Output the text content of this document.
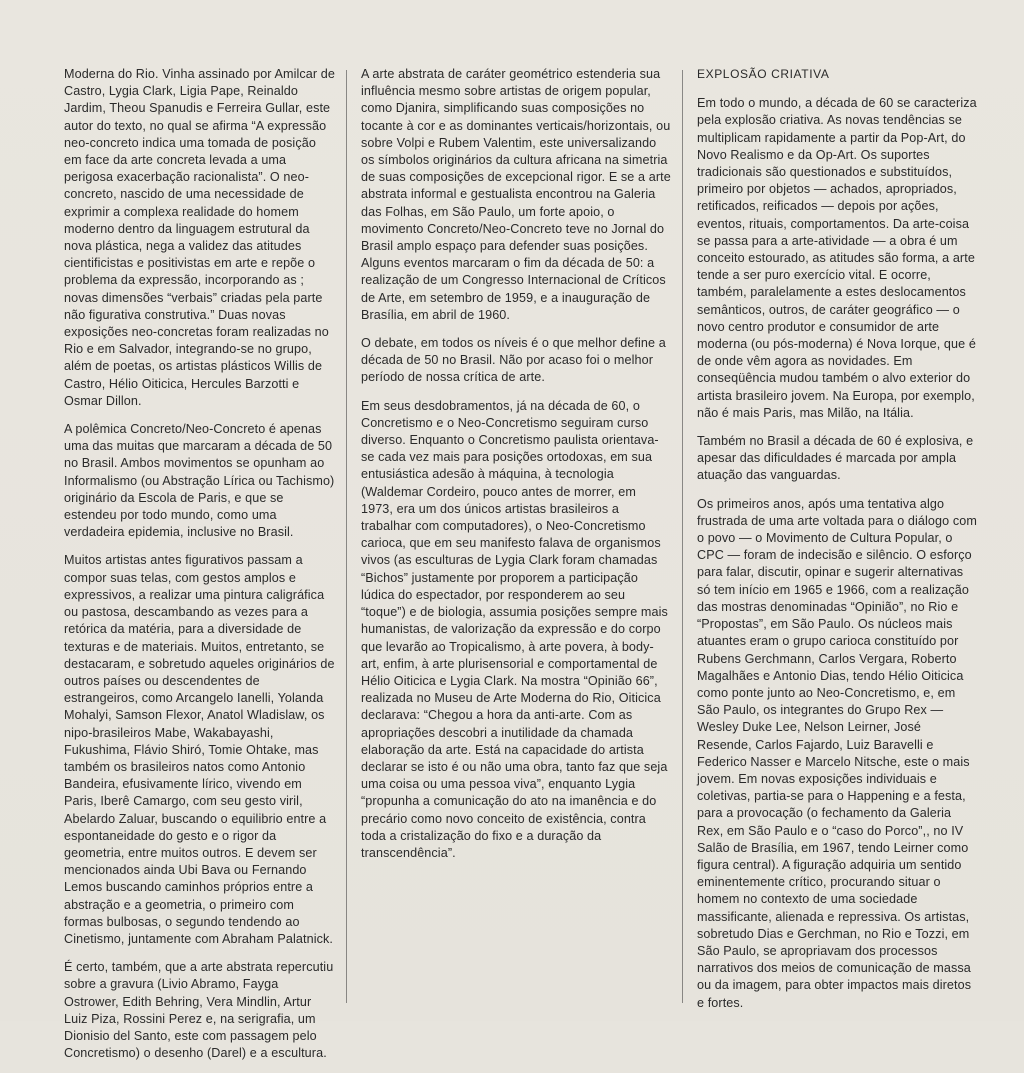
Moderna do Rio. Vinha assinado por Amilcar de Castro, Lygia Clark, Ligia Pape, Reinaldo Jardim, Theou Spanudis e Ferreira Gullar, este autor do texto, no qual se afirma “A expressão neo-concreto indica uma tomada de posição em face da arte concreta levada a uma perigosa exacerbação racionalista”. O neo-concreto, nascido de uma necessidade de exprimir a complexa realidade do homem moderno dentro da linguagem estrutural da nova plástica, nega a validez das atitudes cientificistas e positivistas em arte e repõe o problema da expressão, incorporando as ; novas dimensões “verbais” criadas pela parte não figurativa construtiva.” Duas novas exposições neo-concretas foram realizadas no Rio e em Salvador, integrando-se no grupo, além de poetas, os artistas plásticos Willis de Castro, Hélio Oiticica, Hercules Barzotti e Osmar Dillon.

A polêmica Concreto/Neo-Concreto é apenas uma das muitas que marcaram a década de 50 no Brasil. Ambos movimentos se opunham ao Informalismo (ou Abstração Lírica ou Tachismo) originário da Escola de Paris, e que se estendeu por todo mundo, como uma verdadeira epidemia, inclusive no Brasil.

Muitos artistas antes figurativos passam a compor suas telas, com gestos amplos e expressivos, a realizar uma pintura caligráfica ou pastosa, descambando as vezes para a retórica da matéria, para a diversidade de texturas e de materiais. Muitos, entretanto, se destacaram, e sobretudo aqueles originários de outros países ou descendentes de estrangeiros, como Arcangelo Ianelli, Yolanda Mohalyi, Samson Flexor, Anatol Wladislaw, os nipo-brasileiros Mabe, Wakabayashi, Fukushima, Flávio Shiró, Tomie Ohtake, mas também os brasileiros natos como Antonio Bandeira, efusivamente lírico, vivendo em Paris, Iberê Camargo, com seu gesto viril, Abelardo Zaluar, buscando o equilibrio entre a espontaneidade do gesto e o rigor da geometria, entre muitos outros. E devem ser mencionados ainda Ubi Bava ou Fernando Lemos buscando caminhos próprios entre a abstração e a geometria, o primeiro com formas bulbosas, o segundo tendendo ao Cinetismo, juntamente com Abraham Palatnick.

É certo, também, que a arte abstrata repercutiu sobre a gravura (Livio Abramo, Fayga Ostrower, Edith Behring, Vera Mindlin, Artur Luiz Piza, Rossini Perez e, na serigrafia, um Dionisio del Santo, este com passagem pelo Concretismo) o desenho (Darel) e a escultura.

A arte abstrata de caráter geométrico estenderia sua influência mesmo sobre artistas de origem popular, como Djanira, simplificando suas composições no tocante à cor e as dominantes verticais/horizontais, ou sobre Volpi e Rubem Valentim, este universalizando os símbolos originários da cultura africana na simetria de suas composições de excepcional rigor. E se a arte abstrata informal e gestualista encontrou na Galeria das Folhas, em São Paulo, um forte apoio, o movimento Concreto/Neo-Concreto teve no Jornal do Brasil amplo espaço para defender suas posições. Alguns eventos marcaram o fim da década de 50: a realização de um Congresso Internacional de Críticos de Arte, em setembro de 1959, e a inauguração de Brasília, em abril de 1960.

O debate, em todos os níveis é o que melhor define a década de 50 no Brasil. Não por acaso foi o melhor período de nossa crítica de arte.

Em seus desdobramentos, já na década de 60, o Concretismo e o Neo-Concretismo seguiram curso diverso. Enquanto o Concretismo paulista orientava-se cada vez mais para posições ortodoxas, em sua entusiástica adesão à máquina, à tecnologia (Waldemar Cordeiro, pouco antes de morrer, em 1973, era um dos únicos artistas brasileiros a trabalhar com computadores), o Neo-Concretismo carioca, que em seu manifesto falava de organismos vivos (as esculturas de Lygia Clark foram chamadas “Bichos” justamente por proporem a participação lúdica do espectador, por responderem ao seu “toque”) e de biologia, assumia posições sempre mais humanistas, de valorização da expressão e do corpo que levarão ao Tropicalismo, à arte povera, à body-art, enfim, à arte plurisensorial e comportamental de Hélio Oiticica e Lygia Clark. Na mostra “Opinião 66”, realizada no Museu de Arte Moderna do Rio, Oiticica declarava: “Chegou a hora da anti-arte. Com as apropriações descobri a inutilidade da chamada elaboração da arte. Está na capacidade do artista declarar se isto é ou não uma obra, tanto faz que seja uma coisa ou uma pessoa viva”, enquanto Lygia “propunha a comunicação do ato na imanência e do precário como novo conceito de existência, contra toda a cristalização do fixo e a duração da transcendência”.

EXPLOSÃO CRIATIVA

Em todo o mundo, a década de 60 se caracteriza pela explosão criativa. As novas tendências se multiplicam rapidamente a partir da Pop-Art, do Novo Realismo e da Op-Art. Os suportes tradicionais são questionados e substituídos, primeiro por objetos — achados, apropriados, retificados, reificados — depois por ações, eventos, rituais, comportamentos. Da arte-coisa se passa para a arte-atividade — a obra é um conceito estourado, as atitudes são forma, a arte tende a ser puro exercício vital. E ocorre, também, paralelamente a estes deslocamentos semânticos, outros, de caráter geográfico — o novo centro produtor e consumidor de arte moderna (ou pós-moderna) é Nova Iorque, que é de onde vêm agora as novidades. Em conseqüência mudou também o alvo exterior do artista brasileiro jovem. Na Europa, por exemplo, não é mais Paris, mas Milão, na Itália.

Também no Brasil a década de 60 é explosiva, e apesar das dificuldades é marcada por ampla atuação das vanguardas.

Os primeiros anos, após uma tentativa algo frustrada de uma arte voltada para o diálogo com o povo — o Movimento de Cultura Popular, o CPC — foram de indecisão e silêncio. O esforço para falar, discutir, opinar e sugerir alternativas só tem início em 1965 e 1966, com a realização das mostras denominadas “Opinião”, no Rio e “Propostas”, em São Paulo. Os núcleos mais atuantes eram o grupo carioca constituído por Rubens Gerchmann, Carlos Vergara, Roberto Magalhães e Antonio Dias, tendo Hélio Oiticica como ponte junto ao Neo-Concretismo, e, em São Paulo, os integrantes do Grupo Rex — Wesley Duke Lee, Nelson Leirner, José Resende, Carlos Fajardo, Luiz Baravelli e Federico Nasser e Marcelo Nitsche, este o mais jovem. Em novas exposições individuais e coletivas, partia-se para o Happening e a festa, para a provocação (o fechamento da Galeria Rex, em São Paulo e o “caso do Porco”,, no IV Salão de Brasília, em 1967, tendo Leirner como figura central). A figuração adquiria um sentido eminentemente crítico, procurando situar o homem no contexto de uma sociedade massificante, alienada e repressiva. Os artistas, sobretudo Dias e Gerchman, no Rio e Tozzi, em São Paulo, se apropriavam dos processos narrativos dos meios de comunicação de massa ou da imagem, para obter impactos mais diretos e fortes.
